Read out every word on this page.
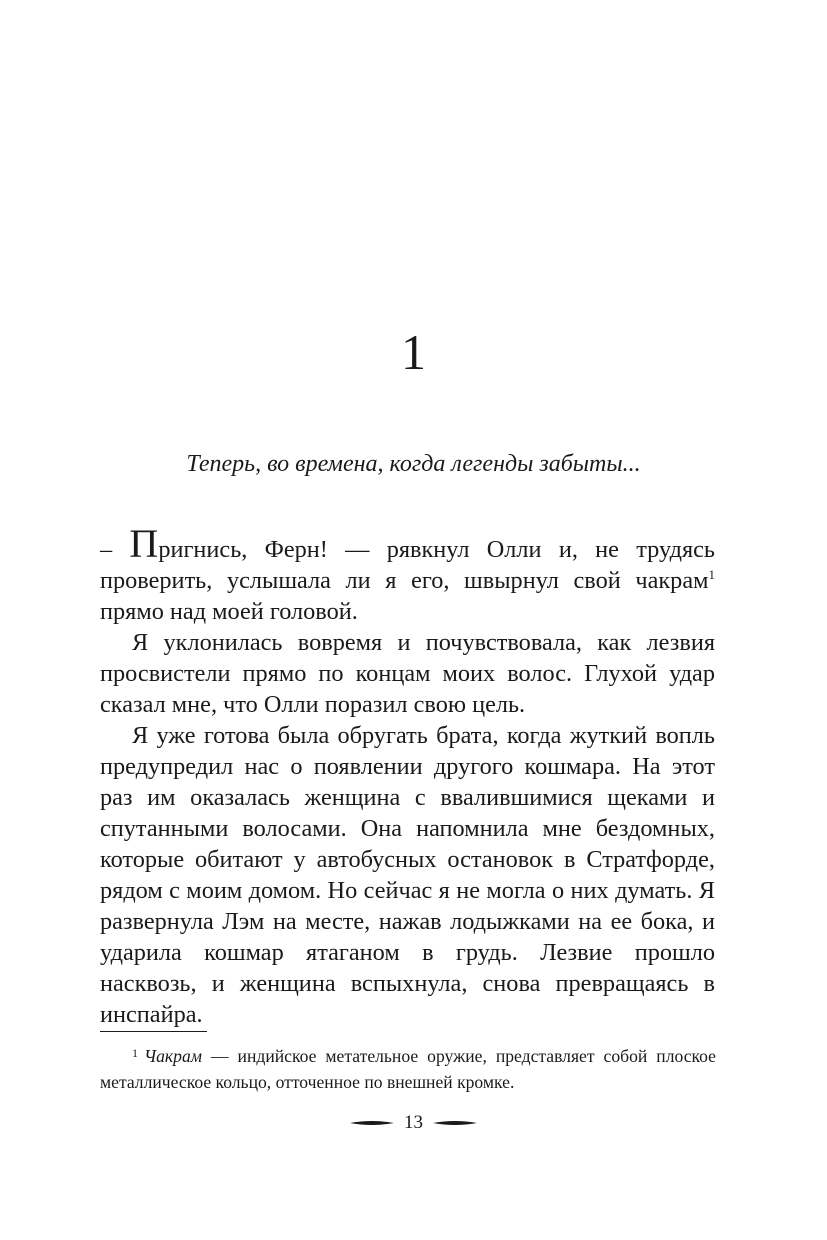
1
Теперь, во времена, когда легенды забыты...

– Пригнись, Ферн! — рявкнул Олли и, не трудясь проверить, услышала ли я его, швырнул свой чакрам$^1$ прямо над моей головой.

Я уклонилась вовремя и почувствовала, как лезвия просвистели прямо по концам моих волос. Глухой удар сказал мне, что Олли поразил свою цель.

Я уже готова была обругать брата, когда жуткий вопль предупредил нас о появлении другого кошмара. На этот раз им оказалась женщина с ввалившимися щеками и спутанными волосами. Она напомнила мне бездомных, которые обитают у автобусных остановок в Стратфорде, рядом с моим домом. Но сейчас я не могла о них думать. Я развернула Лэм на месте, нажав лодыжками на ее бока, и ударила кошмар ятаганом в грудь. Лезвие прошло насквозь, и женщина вспыхнула, снова превращаясь в инспайра.

$^1$ Чакрам — индийское метательное оружие, представляет собой плоское металлическое кольцо, отточенное по внешней кромке.
13
